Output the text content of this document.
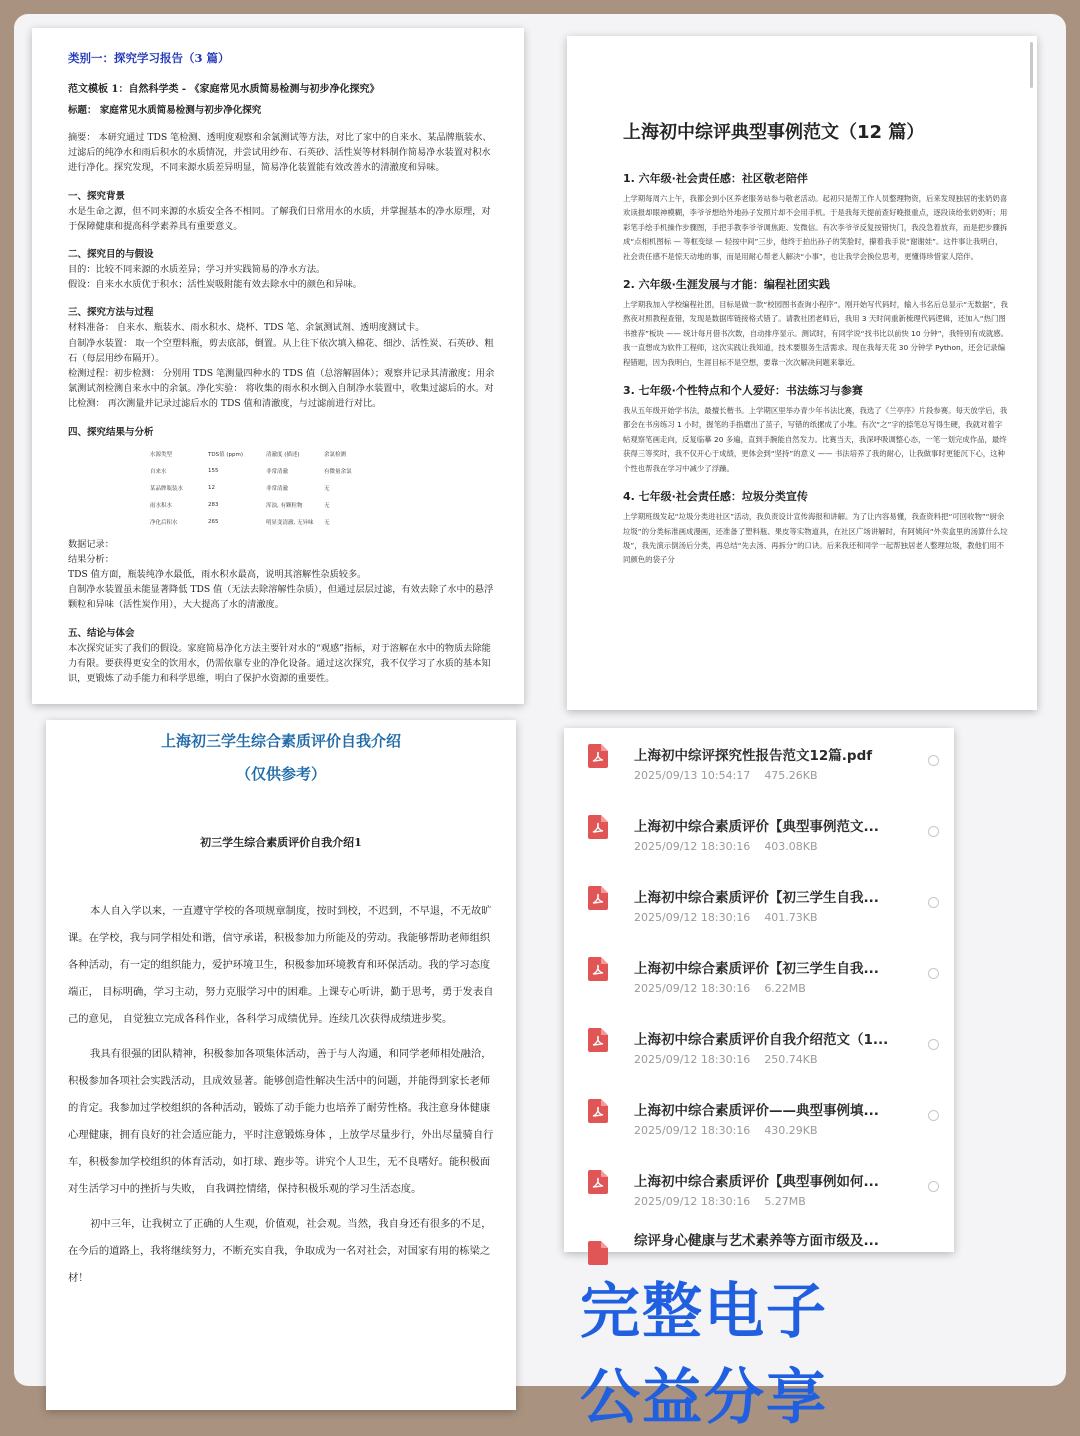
类别一：探究学习报告（3 篇）
范文模板 1：自然科学类 - 《家庭常见水质简易检测与初步净化探究》
标题： 家庭常见水质简易检测与初步净化探究
摘要： 本研究通过 TDS 笔检测、透明度观察和余氯测试等方法，对比了家中的自来水、某品牌瓶装水、过滤后的纯净水和雨后积水的水质情况，并尝试用纱布、石英砂、活性炭等材料制作简易净水装置对积水进行净化。探究发现，不同来源水质差异明显，简易净化装置能有效改善水的清澈度和异味。
一、探究背景
水是生命之源，但不同来源的水质安全各不相同。了解我们日常用水的水质，并掌握基本的净水原理，对于保障健康和提高科学素养具有重要意义。
二、探究目的与假设
目的：比较不同来源的水质差异；学习并实践简易的净水方法。
假设：自来水水质优于积水；活性炭吸附能有效去除水中的颜色和异味。
三、探究方法与过程
材料准备： 自来水、瓶装水、雨水积水、烧杯、TDS 笔、余氯测试剂、透明度测试卡。
自制净水装置： 取一个空塑料瓶，剪去底部，倒置。从上往下依次填入棉花、细沙、活性炭、石英砂、粗石（每层用纱布隔开）。
检测过程：初步检测： 分别用 TDS 笔测量四种水的 TDS 值（总溶解固体）；观察并记录其清澈度；用余氯测试剂检测自来水中的余氯。净化实验： 将收集的雨水积水倒入自制净水装置中，收集过滤后的水。对比检测： 再次测量并记录过滤后水的 TDS 值和清澈度，与过滤前进行对比。
四、探究结果与分析
水源类型	TDS值 (ppm)	清澈度 (描述)	余氯检测
自来水	155	非常清澈	有微量余氯
某品牌瓶装水	12	非常清澈	无
雨水积水	283	浑浊, 有颗粒物	无
净化后积水	265	明显变清澈, 无异味	无
数据记录：
结果分析：
TDS 值方面，瓶装纯净水最低，雨水积水最高，说明其溶解性杂质较多。
自制净水装置虽未能显著降低 TDS 值（无法去除溶解性杂质），但通过层层过滤，有效去除了水中的悬浮颗粒和异味（活性炭作用），大大提高了水的清澈度。
五、结论与体会
本次探究证实了我们的假设。家庭简易净化方法主要针对水的“观感”指标，对于溶解在水中的物质去除能力有限。要获得更安全的饮用水，仍需依靠专业的净化设备。通过这次探究，我不仅学习了水质的基本知识，更锻炼了动手能力和科学思维，明白了保护水资源的重要性。
上海初中综评典型事例范文（12 篇）
1. 六年级·社会责任感：社区敬老陪伴
上学期每周六上午，我都会到小区养老服务站参与敬老活动。起初只是帮工作人员整理物资，后来发现独居的张奶奶喜欢读报却眼神模糊，李爷爷想给外地孙子发照片却不会用手机。于是我每天提前查好晚报重点，逐段读给张奶奶听；用彩笔手绘手机操作步骤图，手把手教李爷爷调焦距、发微信。有次李爷爷反复按错快门，我没急着放弃，而是把步骤拆成“点相机图标 — 等框变绿 — 轻按中间”三步，他终于拍出孙子的笑脸时，攥着我手说“谢谢娃”。这件事让我明白，社会责任感不是惊天动地的事，而是用耐心帮老人解决“小事”，也让我学会换位思考，更懂得珍惜家人陪伴。
2. 六年级·生涯发展与才能：编程社团实践
上学期我加入学校编程社团，目标是做一款“校园图书查询小程序”。刚开始写代码时，输入书名后总显示“无数据”，我熬夜对照教程查错，发现是数据库链接格式错了。请教社团老师后，我用 3 天时间重新梳理代码逻辑，还加入“热门图书推荐”板块 —— 统计每月借书次数，自动排序显示。测试时，有同学说“找书比以前快 10 分钟”，我特别有成就感。我一直想成为软件工程师，这次实践让我知道，技术要服务生活需求。现在我每天花 30 分钟学 Python，还会记录编程错题，因为我明白，生涯目标不是空想，要靠一次次解决问题来靠近。
3. 七年级·个性特点和个人爱好：书法练习与参赛
我从五年级开始学书法，最擅长楷书。上学期区里举办青少年书法比赛，我选了《兰亭序》片段参赛。每天放学后，我都会在书房练习 1 小时，握笔的手指磨出了茧子，写错的纸摞成了小堆。有次“之”字的捺笔总写得生硬，我就对着字帖观察笔画走向，反复临摹 20 多遍，直到手腕能自然发力。比赛当天，我深呼吸调整心态，一笔一划完成作品，最终获得三等奖时，我不仅开心于成绩，更体会到“坚持”的意义 —— 书法培养了我的耐心，让我做事时更能沉下心，这种个性也帮我在学习中减少了浮躁。
4. 七年级·社会责任感：垃圾分类宣传
上学期班级发起“垃圾分类进社区”活动，我负责设计宣传海报和讲解。为了让内容易懂，我查资料把“可回收物”“厨余垃圾”的分类标准画成漫画，还准备了塑料瓶、果皮等实物道具，在社区广场讲解时，有阿姨问“外卖盒里的汤算什么垃圾”，我先演示倒汤后分类，再总结“先去汤、再拆分”的口诀。后来我还和同学一起帮独居老人整理垃圾，教他们用不同颜色的袋子分
上海初三学生综合素质评价自我介绍
（仅供参考）
初三学生综合素质评价自我介绍1
本人自入学以来，一直遵守学校的各项规章制度，按时到校，不迟到，不早退，不无故旷课。在学校，我与同学相处和谐，信守承诺，积极参加力所能及的劳动。我能够帮助老师组织各种活动，有一定的组织能力，爱护环境卫生，积极参加环境教育和环保活动。我的学习态度端正， 目标明确，学习主动，努力克服学习中的困难。上课专心听讲，勤于思考，勇于发表自己的意见， 自觉独立完成各科作业，各科学习成绩优异。连续几次获得成绩进步奖。
我具有很强的团队精神，积极参加各项集体活动，善于与人沟通，和同学老师相处融洽，积极参加各项社会实践活动，且成效显著。能够创造性解决生活中的问题，并能得到家长老师的肯定。我参加过学校组织的各种活动，锻炼了动手能力也培养了耐劳性格。我注意身体健康心理健康，拥有良好的社会适应能力，平时注意锻炼身体 ，上放学尽量步行，外出尽量骑自行车，积极参加学校组织的体育活动，如打球、跑步等。讲究个人卫生，无不良嗜好。能积极面对生活学习中的挫折与失败， 自我调控情绪，保持积极乐观的学习生活态度。
初中三年，让我树立了正确的人生观，价值观，社会观。当然，我自身还有很多的不足，在今后的道路上，我将继续努力，不断充实自我，争取成为一名对社会，对国家有用的栋梁之材！
上海初中综评探究性报告范文12篇.pdf
2025/09/13 10:54:17 475.26KB
上海初中综合素质评价【典型事例范文...
2025/09/12 18:30:16 403.08KB
上海初中综合素质评价【初三学生自我...
2025/09/12 18:30:16 401.73KB
上海初中综合素质评价【初三学生自我...
2025/09/12 18:30:16 6.22MB
上海初中综合素质评价自我介绍范文（1...
2025/09/12 18:30:16 250.74KB
上海初中综合素质评价——典型事例填...
2025/09/12 18:30:16 430.29KB
上海初中综合素质评价【典型事例如何...
2025/09/12 18:30:16 5.27MB
综评身心健康与艺术素养等方面市级及...
完整电子
公益分享
